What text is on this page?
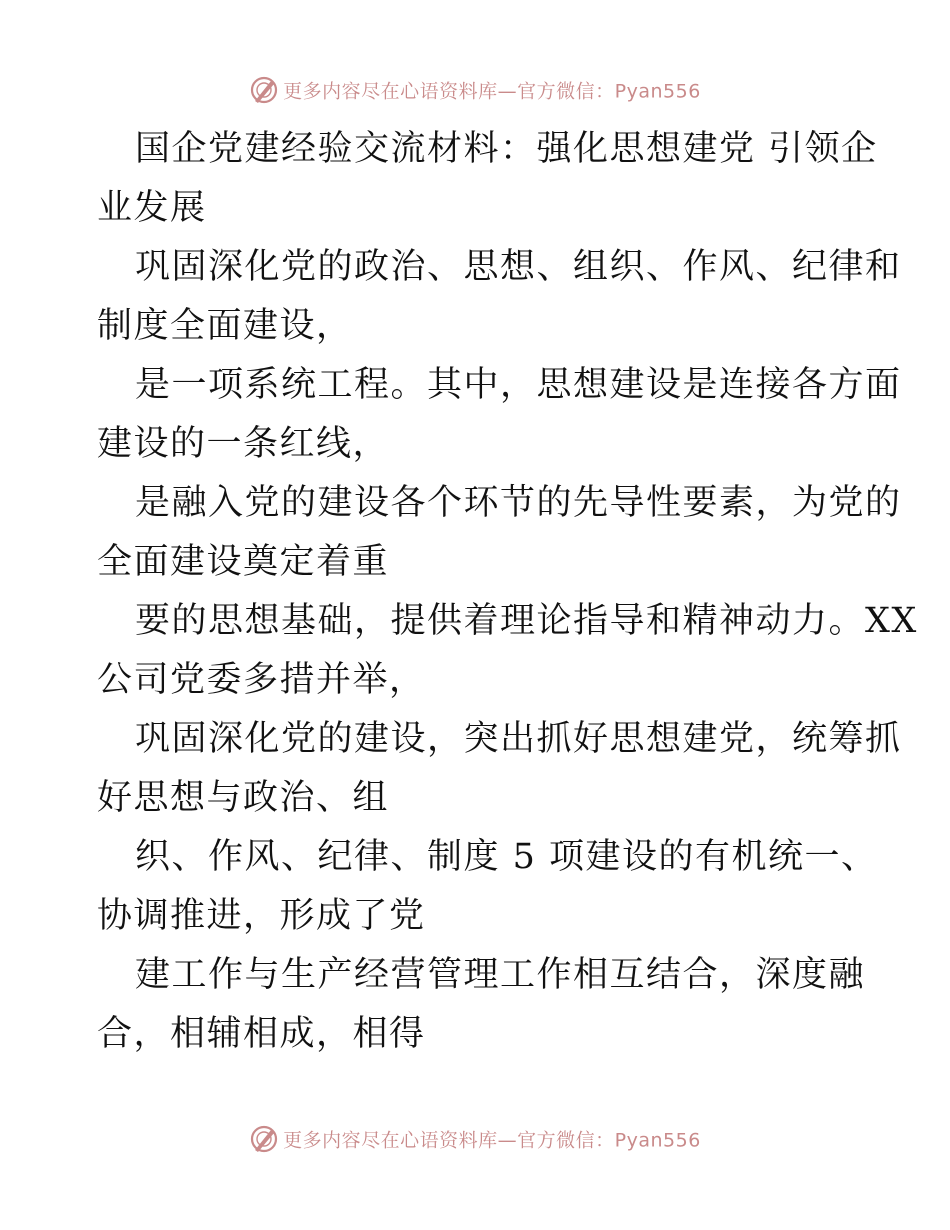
更多内容尽在心语资料库—官方微信：Pyan556
国企党建经验交流材料：强化思想建党 引领企
业发展
巩固深化党的政治、思想、组织、作风、纪律和
制度全面建设，
是一项系统工程。其中，思想建设是连接各方面
建设的一条红线，
是融入党的建设各个环节的先导性要素，为党的
全面建设奠定着重
要的思想基础，提供着理论指导和精神动力。XX
公司党委多措并举，
巩固深化党的建设，突出抓好思想建党，统筹抓
好思想与政治、组
织、作风、纪律、制度 5 项建设的有机统一、
协调推进，形成了党
建工作与生产经营管理工作相互结合，深度融
合，相辅相成，相得
更多内容尽在心语资料库—官方微信：Pyan556
